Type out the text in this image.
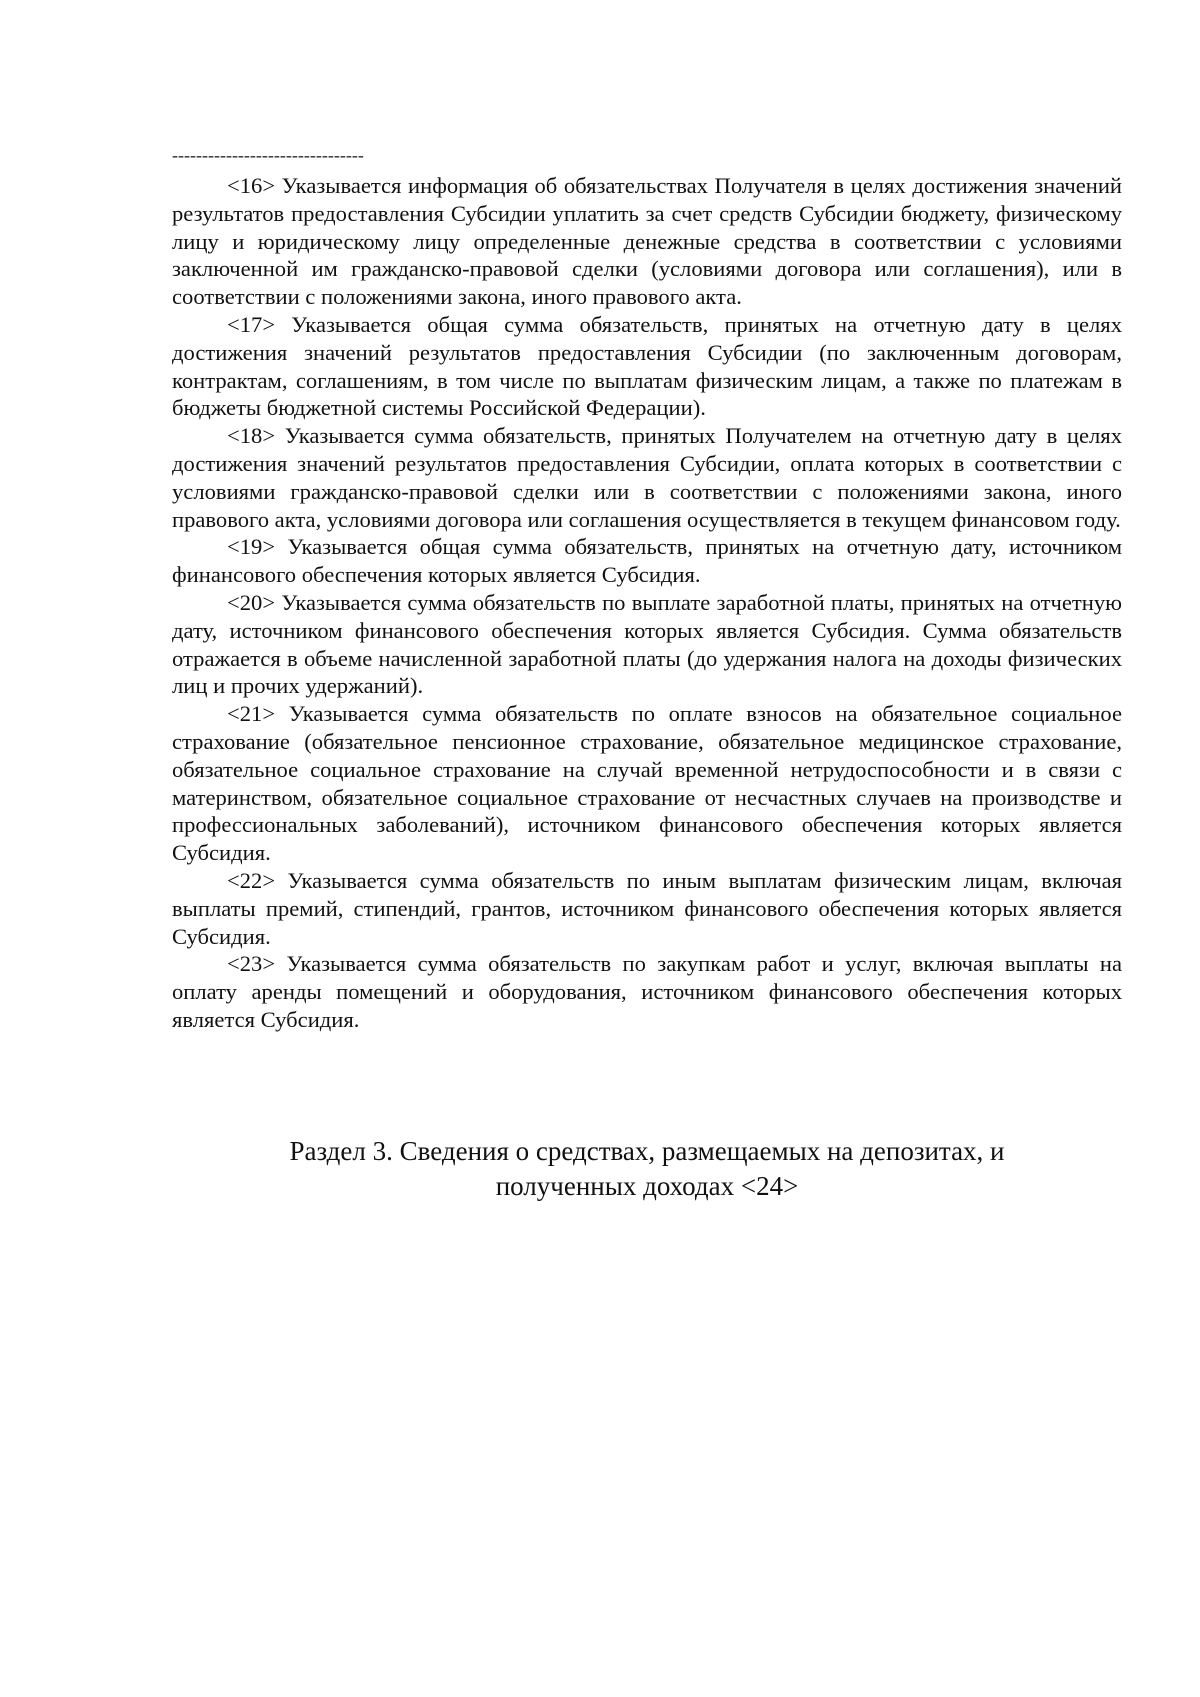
--------------------------------

<16> Указывается информация об обязательствах Получателя в целях достижения значений результатов предоставления Субсидии уплатить за счет средств Субсидии бюджету, физическому лицу и юридическому лицу определенные денежные средства в соответствии с условиями заключенной им гражданско-правовой сделки (условиями договора или соглашения), или в соответствии с положениями закона, иного правового акта.

<17> Указывается общая сумма обязательств, принятых на отчетную дату в целях достижения значений результатов предоставления Субсидии (по заключенным договорам, контрактам, соглашениям, в том числе по выплатам физическим лицам, а также по платежам в бюджеты бюджетной системы Российской Федерации).

<18> Указывается сумма обязательств, принятых Получателем на отчетную дату в целях достижения значений результатов предоставления Субсидии, оплата которых в соответствии с условиями гражданско-правовой сделки или в соответствии с положениями закона, иного правового акта, условиями договора или соглашения осуществляется в текущем финансовом году.

<19> Указывается общая сумма обязательств, принятых на отчетную дату, источником финансового обеспечения которых является Субсидия.

<20> Указывается сумма обязательств по выплате заработной платы, принятых на отчетную дату, источником финансового обеспечения которых является Субсидия. Сумма обязательств отражается в объеме начисленной заработной платы (до удержания налога на доходы физических лиц и прочих удержаний).

<21> Указывается сумма обязательств по оплате взносов на обязательное социальное страхование (обязательное пенсионное страхование, обязательное медицинское страхование, обязательное социальное страхование на случай временной нетрудоспособности и в связи с материнством, обязательное социальное страхование от несчастных случаев на производстве и профессиональных заболеваний), источником финансового обеспечения которых является Субсидия.

<22> Указывается сумма обязательств по иным выплатам физическим лицам, включая выплаты премий, стипендий, грантов, источником финансового обеспечения которых является Субсидия.

<23> Указывается сумма обязательств по закупкам работ и услуг, включая выплаты на оплату аренды помещений и оборудования, источником финансового обеспечения которых является Субсидия.

Раздел 3. Сведения о средствах, размещаемых на депозитах, и
полученных доходах <24>
